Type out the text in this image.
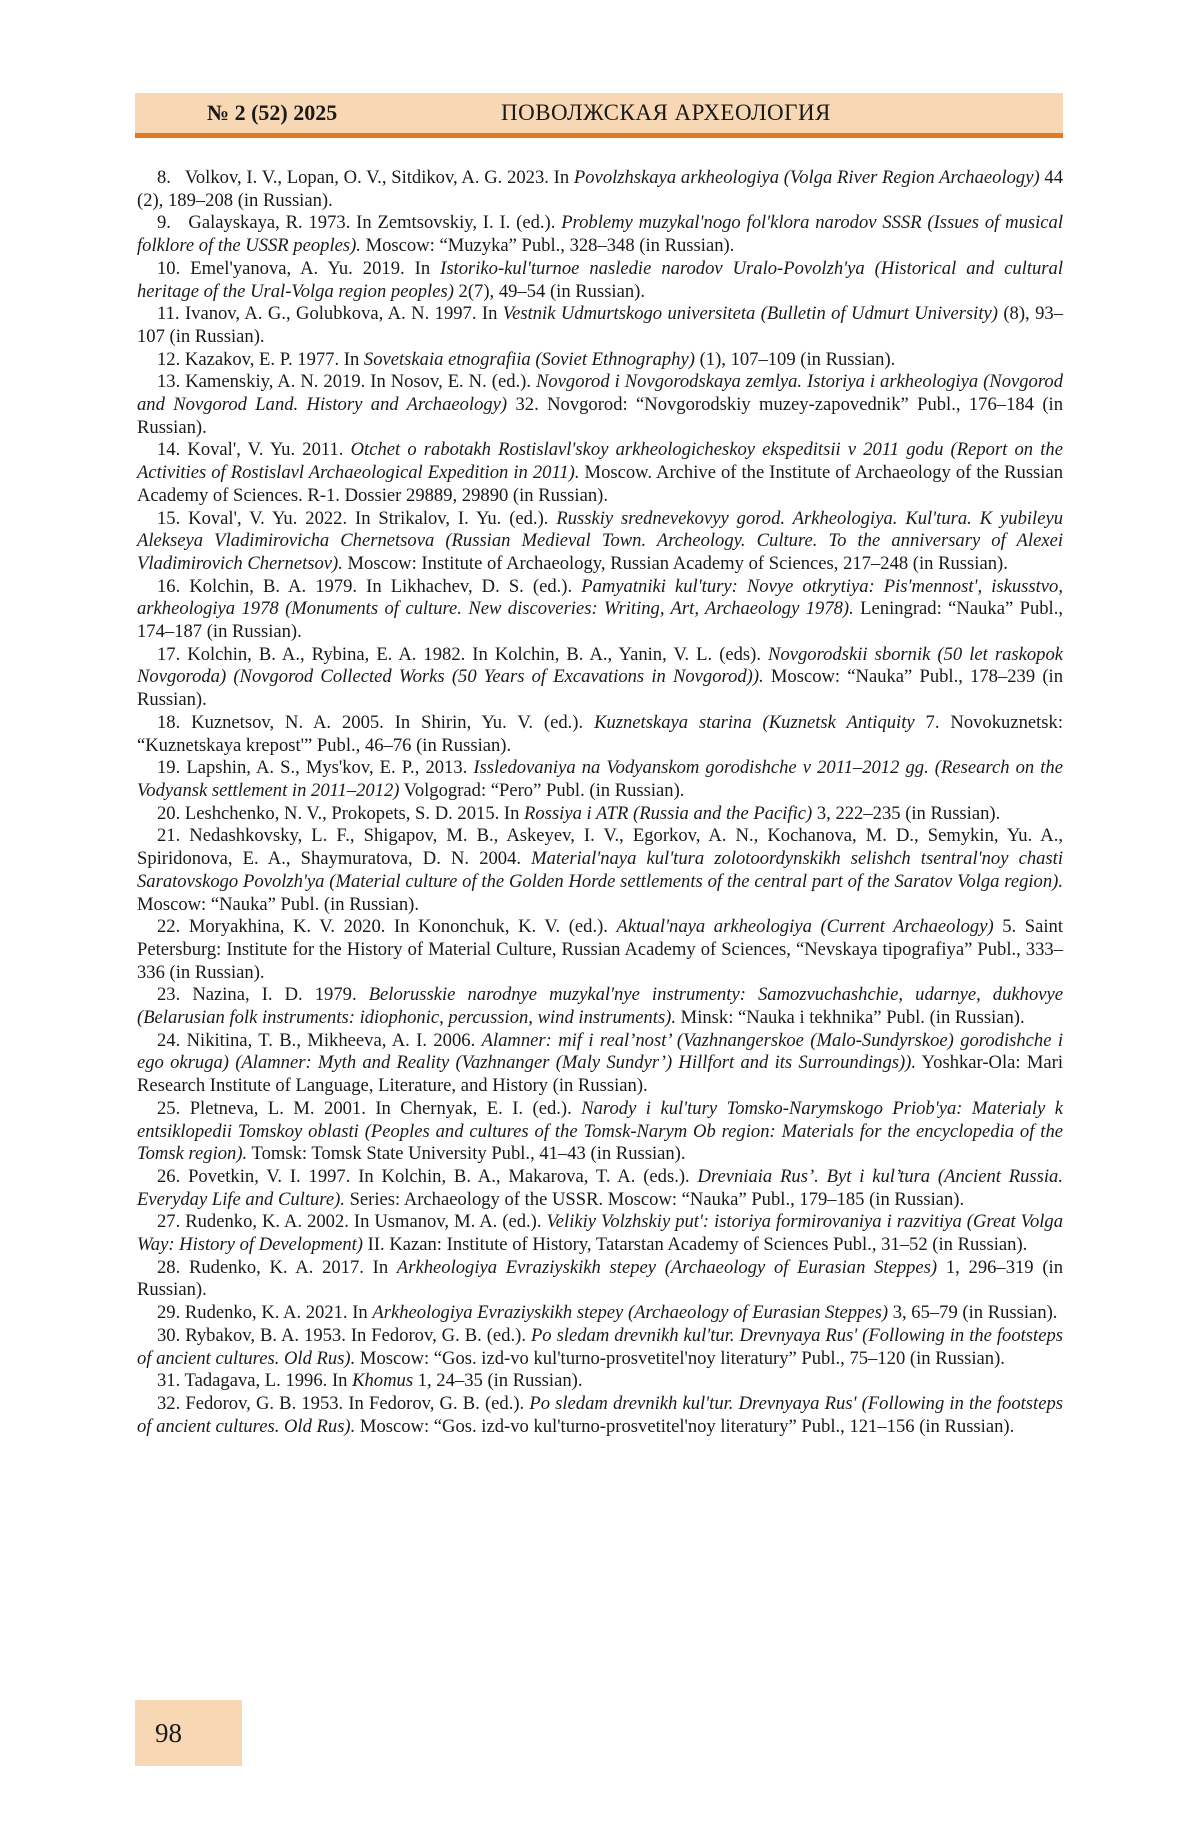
№ 2 (52) 2025	ПОВОЛЖСКАЯ АРХЕОЛОГИЯ

8.   Volkov, I. V., Lopan, O. V., Sitdikov, A. G. 2023. In Povolzhskaya arkheologiya (Volga River Region Archaeology) 44 (2), 189–208 (in Russian).

9.   Galayskaya, R. 1973. In Zemtsovskiy, I. I. (ed.). Problemy muzykal'nogo fol'klora narodov SSSR (Issues of musical folklore of the USSR peoples). Moscow: “Muzyka” Publ., 328–348 (in Russian).

10. Emel'yanova, A. Yu. 2019. In Istoriko-kul'turnoe nasledie narodov Uralo-Povolzh'ya (Historical and cultural heritage of the Ural-Volga region peoples) 2(7), 49–54 (in Russian).

11. Ivanov, A. G., Golubkova, A. N. 1997. In Vestnik Udmurtskogo universiteta (Bulletin of Udmurt University) (8), 93–107 (in Russian).

12. Kazakov, E. P. 1977. In Sovetskaia etnografiia (Soviet Ethnography) (1), 107–109 (in Russian).

13. Kamenskiy, A. N. 2019. In Nosov, E. N. (ed.). Novgorod i Novgorodskaya zemlya. Istoriya i arkheologiya (Novgorod and Novgorod Land. History and Archaeology) 32. Novgorod: “Novgorodskiy muzey-zapovednik” Publ., 176–184 (in Russian).

14. Koval', V. Yu. 2011. Otchet o rabotakh Rostislavl'skoy arkheologicheskoy ekspeditsii v 2011 godu (Report on the Activities of Rostislavl Archaeological Expedition in 2011). Moscow. Archive of the Institute of Archaeology of the Russian Academy of Sciences. R-1. Dossier 29889, 29890 (in Russian).

15. Koval', V. Yu. 2022. In Strikalov, I. Yu. (ed.). Russkiy srednevekovyy gorod. Arkheologiya. Kul'tura. K yubileyu Alekseya Vladimirovicha Chernetsova (Russian Medieval Town. Archeology. Culture. To the anniversary of Alexei Vladimirovich Chernetsov). Moscow: Institute of Archaeology, Russian Academy of Sciences, 217–248 (in Russian).

16. Kolchin, B. A. 1979. In Likhachev, D. S. (ed.). Pamyatniki kul'tury: Novye otkrytiya: Pis'mennost', iskusstvo, arkheologiya 1978 (Monuments of culture. New discoveries: Writing, Art, Archaeology 1978). Leningrad: “Nauka” Publ., 174–187 (in Russian).

17. Kolchin, B. A., Rybina, E. A. 1982. In Kolchin, B. A., Yanin, V. L. (eds). Novgorodskii sbornik (50 let raskopok Novgoroda) (Novgorod Collected Works (50 Years of Excavations in Novgorod)). Moscow: “Nauka” Publ., 178–239 (in Russian).

18. Kuznetsov, N. A. 2005. In Shirin, Yu. V. (ed.). Kuznetskaya starina (Kuznetsk Antiquity 7. Novokuznetsk: “Kuznetskaya krepost'” Publ., 46–76 (in Russian).

19. Lapshin, A. S., Mys'kov, E. P., 2013. Issledovaniya na Vodyanskom gorodishche v 2011–2012 gg. (Research on the Vodyansk settlement in 2011–2012) Volgograd: “Pero” Publ. (in Russian).

20. Leshchenko, N. V., Prokopets, S. D. 2015. In Rossiya i ATR (Russia and the Pacific) 3, 222–235 (in Russian).

21. Nedashkovsky, L. F., Shigapov, M. B., Askeyev, I. V., Egorkov, A. N., Kochanova, M. D., Semykin, Yu. A., Spiridonova, E. A., Shaymuratova, D. N. 2004. Material'naya kul'tura zolotoordynskikh selishch tsentral'noy chasti Saratovskogo Povolzh'ya (Material culture of the Golden Horde settlements of the central part of the Saratov Volga region). Moscow: “Nauka” Publ. (in Russian).

22. Moryakhina, K. V. 2020. In Kononchuk, K. V. (ed.). Aktual'naya arkheologiya (Current Archaeology) 5. Saint Petersburg: Institute for the History of Material Culture, Russian Academy of Sciences, “Nevskaya tipografiya” Publ., 333–336 (in Russian).

23. Nazina, I. D. 1979. Belorusskie narodnye muzykal'nye instrumenty: Samozvuchashchie, udarnye, dukhovye (Belarusian folk instruments: idiophonic, percussion, wind instruments). Minsk: “Nauka i tekhnika” Publ. (in Russian).

24. Nikitina, T. B., Mikheeva, A. I. 2006. Alamner: mif i real’nost’ (Vazhnangerskoe (Malo-Sundyrskoe) gorodishche i ego okruga) (Alamner: Myth and Reality (Vazhnanger (Maly Sundyr’) Hillfort and its Surroundings)). Yoshkar-Ola: Mari Research Institute of Language, Literature, and History (in Russian).

25. Pletneva, L. M. 2001. In Chernyak, E. I. (ed.). Narody i kul'tury Tomsko-Narymskogo Priob'ya: Materialy k entsiklopedii Tomskoy oblasti (Peoples and cultures of the Tomsk-Narym Ob region: Materials for the encyclopedia of the Tomsk region). Tomsk: Tomsk State University Publ., 41–43 (in Russian).

26. Povetkin, V. I. 1997. In Kolchin, B. A., Makarova, T. A. (eds.). Drevniaia Rus’. Byt i kul’tura (Ancient Russia. Everyday Life and Culture). Series: Archaeology of the USSR. Moscow: “Nauka” Publ., 179–185 (in Russian).

27. Rudenko, K. A. 2002. In Usmanov, M. A. (ed.). Velikiy Volzhskiy put': istoriya formirovaniya i razvitiya (Great Volga Way: History of Development) II. Kazan: Institute of History, Tatarstan Academy of Sciences Publ., 31–52 (in Russian).

28. Rudenko, K. A. 2017. In Arkheologiya Evraziyskikh stepey (Archaeology of Eurasian Steppes) 1, 296–319 (in Russian).

29. Rudenko, K. A. 2021. In Arkheologiya Evraziyskikh stepey (Archaeology of Eurasian Steppes) 3, 65–79 (in Russian).

30. Rybakov, B. A. 1953. In Fedorov, G. B. (ed.). Po sledam drevnikh kul'tur. Drevnyaya Rus' (Following in the footsteps of ancient cultures. Old Rus). Moscow: “Gos. izd-vo kul'turno-prosvetitel'noy literatury” Publ., 75–120 (in Russian).

31. Tadagava, L. 1996. In Khomus 1, 24–35 (in Russian).

32. Fedorov, G. B. 1953. In Fedorov, G. B. (ed.). Po sledam drevnikh kul'tur. Drevnyaya Rus' (Following in the footsteps of ancient cultures. Old Rus). Moscow: “Gos. izd-vo kul'turno-prosvetitel'noy literatury” Publ., 121–156 (in Russian).

98
